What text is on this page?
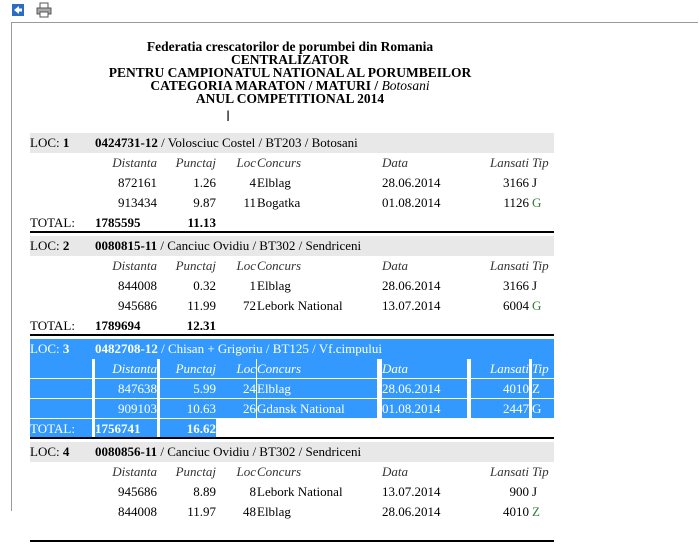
Federatia crescatorilor de porumbei din Romania
CENTRALIZATOR
PENTRU CAMPIONATUL NATIONAL AL PORUMBEILOR
CATEGORIA MARATON / MATURI / Botosani
ANUL COMPETITIONAL 2014
I
LOC: 1	0424731-12 / Volosciuc Costel / BT203 / Botosani
Distanta	Punctaj	Loc Concurs	Data	Lansati Tip
872161	1.26	4 Elblag	28.06.2014	3166 J
913434	9.87	11 Bogatka	01.08.2014	1126 G
TOTAL:	1785595	11.13
LOC: 2	0080815-11 / Canciuc Ovidiu / BT302 / Sendriceni
Distanta	Punctaj	Loc Concurs	Data	Lansati Tip
844008	0.32	1 Elblag	28.06.2014	3166 J
945686	11.99	72 Lebork National	13.07.2014	6004 G
TOTAL:	1789694	12.31
LOC: 3	0482708-12 / Chisan + Grigoriu / BT125 / Vf.cimpului
Distanta	Punctaj	Loc Concurs	Data	Lansati Tip
847638	5.99	24 Elblag	28.06.2014	4010 Z
909103	10.63	26 Gdansk National	01.08.2014	2447 G
TOTAL:	1756741	16.62
LOC: 4	0080856-11 / Canciuc Ovidiu / BT302 / Sendriceni
Distanta	Punctaj	Loc Concurs	Data	Lansati Tip
945686	8.89	8 Lebork National	13.07.2014	900 J
844008	11.97	48 Elblag	28.06.2014	4010 Z
